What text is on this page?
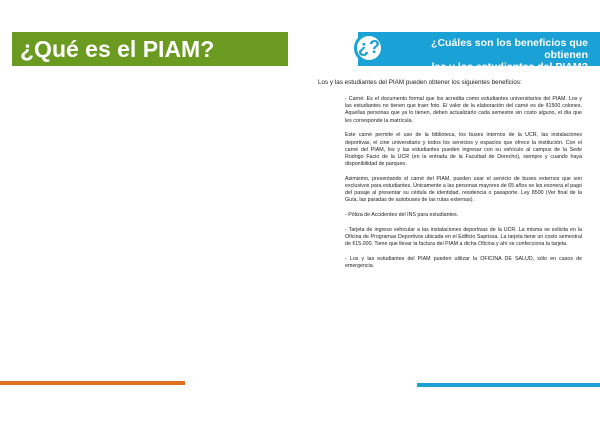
¿Qué es el PIAM?	¿?	¿Cuáles son los beneficios que obtienen
las y los estudiantes del PIAM?
Los y las estudiantes del PIAM pueden obtener los siguientes beneficios:

- Carné: Es el documento formal que los acredita como estudiantes universitarios del PIAM. Los y las estudiantes no tienen que traer foto. El valor de la elaboración del carné es de ¢1500 colones. Aquellas personas que ya lo tienen, deben actualizarlo cada semestre sin costo alguno, el día que les corresponde la matrícula.

Este carné permite el uso de la biblioteca, los buses internos de la UCR, las instalaciones deportivas, el cine universitario y todos los servicios y espacios que ofrece la institución. Con el carné del PIAM, los y las estudiantes pueden ingresar con su vehículo al campus de la Sede Rodrigo Facio de la UCR (en la entrada de la Facultad de Derecho), siempre y cuando haya disponibilidad de parqueo.

Asimismo, presentando el carné del PIAM, pueden usar el servicio de buses externos que son exclusivos para estudiantes. Únicamente a las personas mayores de 65 años se les exonera el pago del pasaje al presentar su cédula de identidad, residencia o pasaporte. Ley 8500 (Ver final de la Guía, las paradas de autobuses de las rutas externas).

- Póliza de Accidentes del INS para estudiantes.

- Tarjeta de ingreso vehicular a las instalaciones deportivas de la UCR. La misma se solicita en la Oficina de Programas Deportivos ubicada en el Edificio Saprissa. La tarjeta tiene un costo semestral de ¢15.000. Tiene que llevar la factura del PIAM a dicha Oficina y ahí se confecciona la tarjeta.

- Los y las estudiantes del PIAM pueden utilizar la OFICINA DE SALUD, sólo en casos de emergencia.
